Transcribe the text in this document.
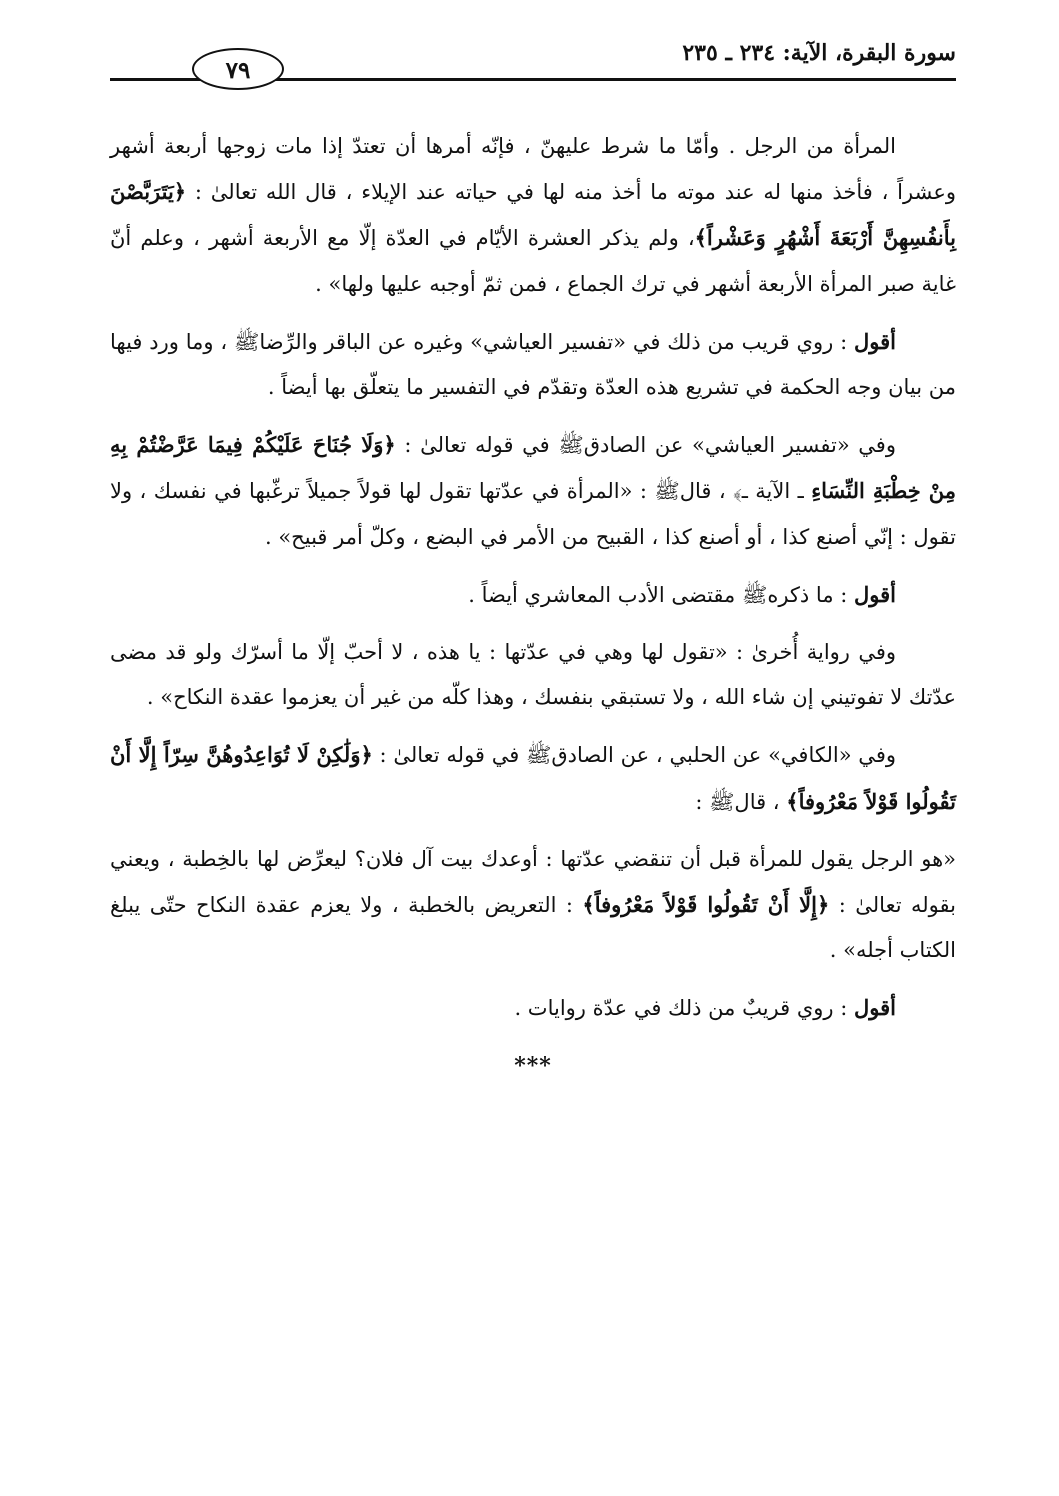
سورة البقرة، الآية: ٢٣٤ ـ ٢٣٥
٧٩

المرأة من الرجل . وأمّا ما شرط عليهنّ ، فإنّه أمرها أن تعتدّ إذا مات زوجها أربعة أشهر وعشراً ، فأخذ منها له عند موته ما أخذ منه لها في حياته عند الإيلاء ، قال الله تعالىٰ : ﴿يَتَرَبَّصْنَ بِأَنفُسِهِنَّ أَرْبَعَةَ أَشْهُرٍ وَعَشْراً﴾، ولم يذكر العشرة الأيّام في العدّة إلّا مع الأربعة أشهر ، وعلم أنّ غاية صبر المرأة الأربعة أشهر في ترك الجماع ، فمن ثمّ أوجبه عليها ولها» .

أقول : روي قريب من ذلك في «تفسير العياشي» وغيره عن الباقر والرِّضاﷺ ، وما ورد فيها من بيان وجه الحكمة في تشريع هذه العدّة وتقدّم في التفسير ما يتعلّق بها أيضاً .

وفي «تفسير العياشي» عن الصادقﷺ في قوله تعالىٰ : ﴿وَلَا جُنَاحَ عَلَيْكُمْ فِيمَا عَرَّضْتُمْ بِهِ مِنْ خِطْبَةِ النِّسَاءِ ـ الآية ـ﴾ ، قالﷺ : «المرأة في عدّتها تقول لها قولاً جميلاً ترغّبها في نفسك ، ولا تقول : إنّي أصنع كذا ، أو أصنع كذا ، القبيح من الأمر في البضع ، وكلّ أمر قبيح» .

أقول : ما ذكرهﷺ مقتضى الأدب المعاشري أيضاً .

وفي رواية أُخرىٰ : «تقول لها وهي في عدّتها : يا هذه ، لا أحبّ إلّا ما أسرّك ولو قد مضى عدّتك لا تفوتيني إن شاء الله ، ولا تستبقي بنفسك ، وهذا كلّه من غير أن يعزموا عقدة النكاح» .

وفي «الكافي» عن الحلبي ، عن الصادقﷺ في قوله تعالىٰ : ﴿وَلَٰكِنْ لَا تُوَاعِدُوهُنَّ سِرّاً إِلَّا أَنْ تَقُولُوا قَوْلاً مَعْرُوفاً﴾ ، قالﷺ :

«هو الرجل يقول للمرأة قبل أن تنقضي عدّتها : أوعدك بيت آل فلان؟ ليعرِّض لها بالخِطبة ، ويعني بقوله تعالىٰ : ﴿إِلَّا أَنْ تَقُولُوا قَوْلاً مَعْرُوفاً﴾ : التعريض بالخطبة ، ولا يعزم عقدة النكاح حتّى يبلغ الكتاب أجله» .

أقول : روي قريبٌ من ذلك في عدّة روايات .

***
